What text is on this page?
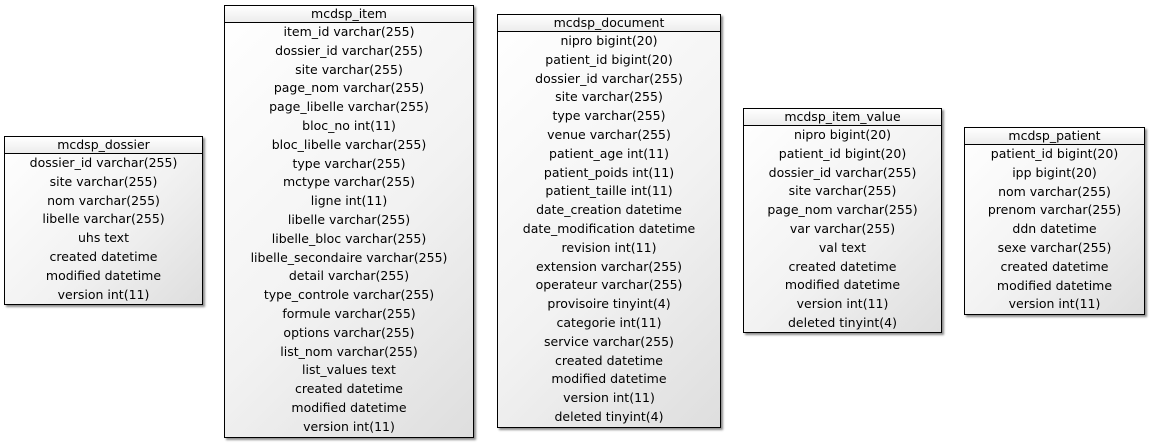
mcdsp_dossier
dossier_id varchar(255)
site varchar(255)
nom varchar(255)
libelle varchar(255)
uhs text
created datetime
modified datetime
version int(11)
mcdsp_item
item_id varchar(255)
dossier_id varchar(255)
site varchar(255)
page_nom varchar(255)
page_libelle varchar(255)
bloc_no int(11)
bloc_libelle varchar(255)
type varchar(255)
mctype varchar(255)
ligne int(11)
libelle varchar(255)
libelle_bloc varchar(255)
libelle_secondaire varchar(255)
detail varchar(255)
type_controle varchar(255)
formule varchar(255)
options varchar(255)
list_nom varchar(255)
list_values text
created datetime
modified datetime
version int(11)
mcdsp_document
nipro bigint(20)
patient_id bigint(20)
dossier_id varchar(255)
site varchar(255)
type varchar(255)
venue varchar(255)
patient_age int(11)
patient_poids int(11)
patient_taille int(11)
date_creation datetime
date_modification datetime
revision int(11)
extension varchar(255)
operateur varchar(255)
provisoire tinyint(4)
categorie int(11)
service varchar(255)
created datetime
modified datetime
version int(11)
deleted tinyint(4)
mcdsp_item_value
nipro bigint(20)
patient_id bigint(20)
dossier_id varchar(255)
site varchar(255)
page_nom varchar(255)
var varchar(255)
val text
created datetime
modified datetime
version int(11)
deleted tinyint(4)
mcdsp_patient
patient_id bigint(20)
ipp bigint(20)
nom varchar(255)
prenom varchar(255)
ddn datetime
sexe varchar(255)
created datetime
modified datetime
version int(11)
